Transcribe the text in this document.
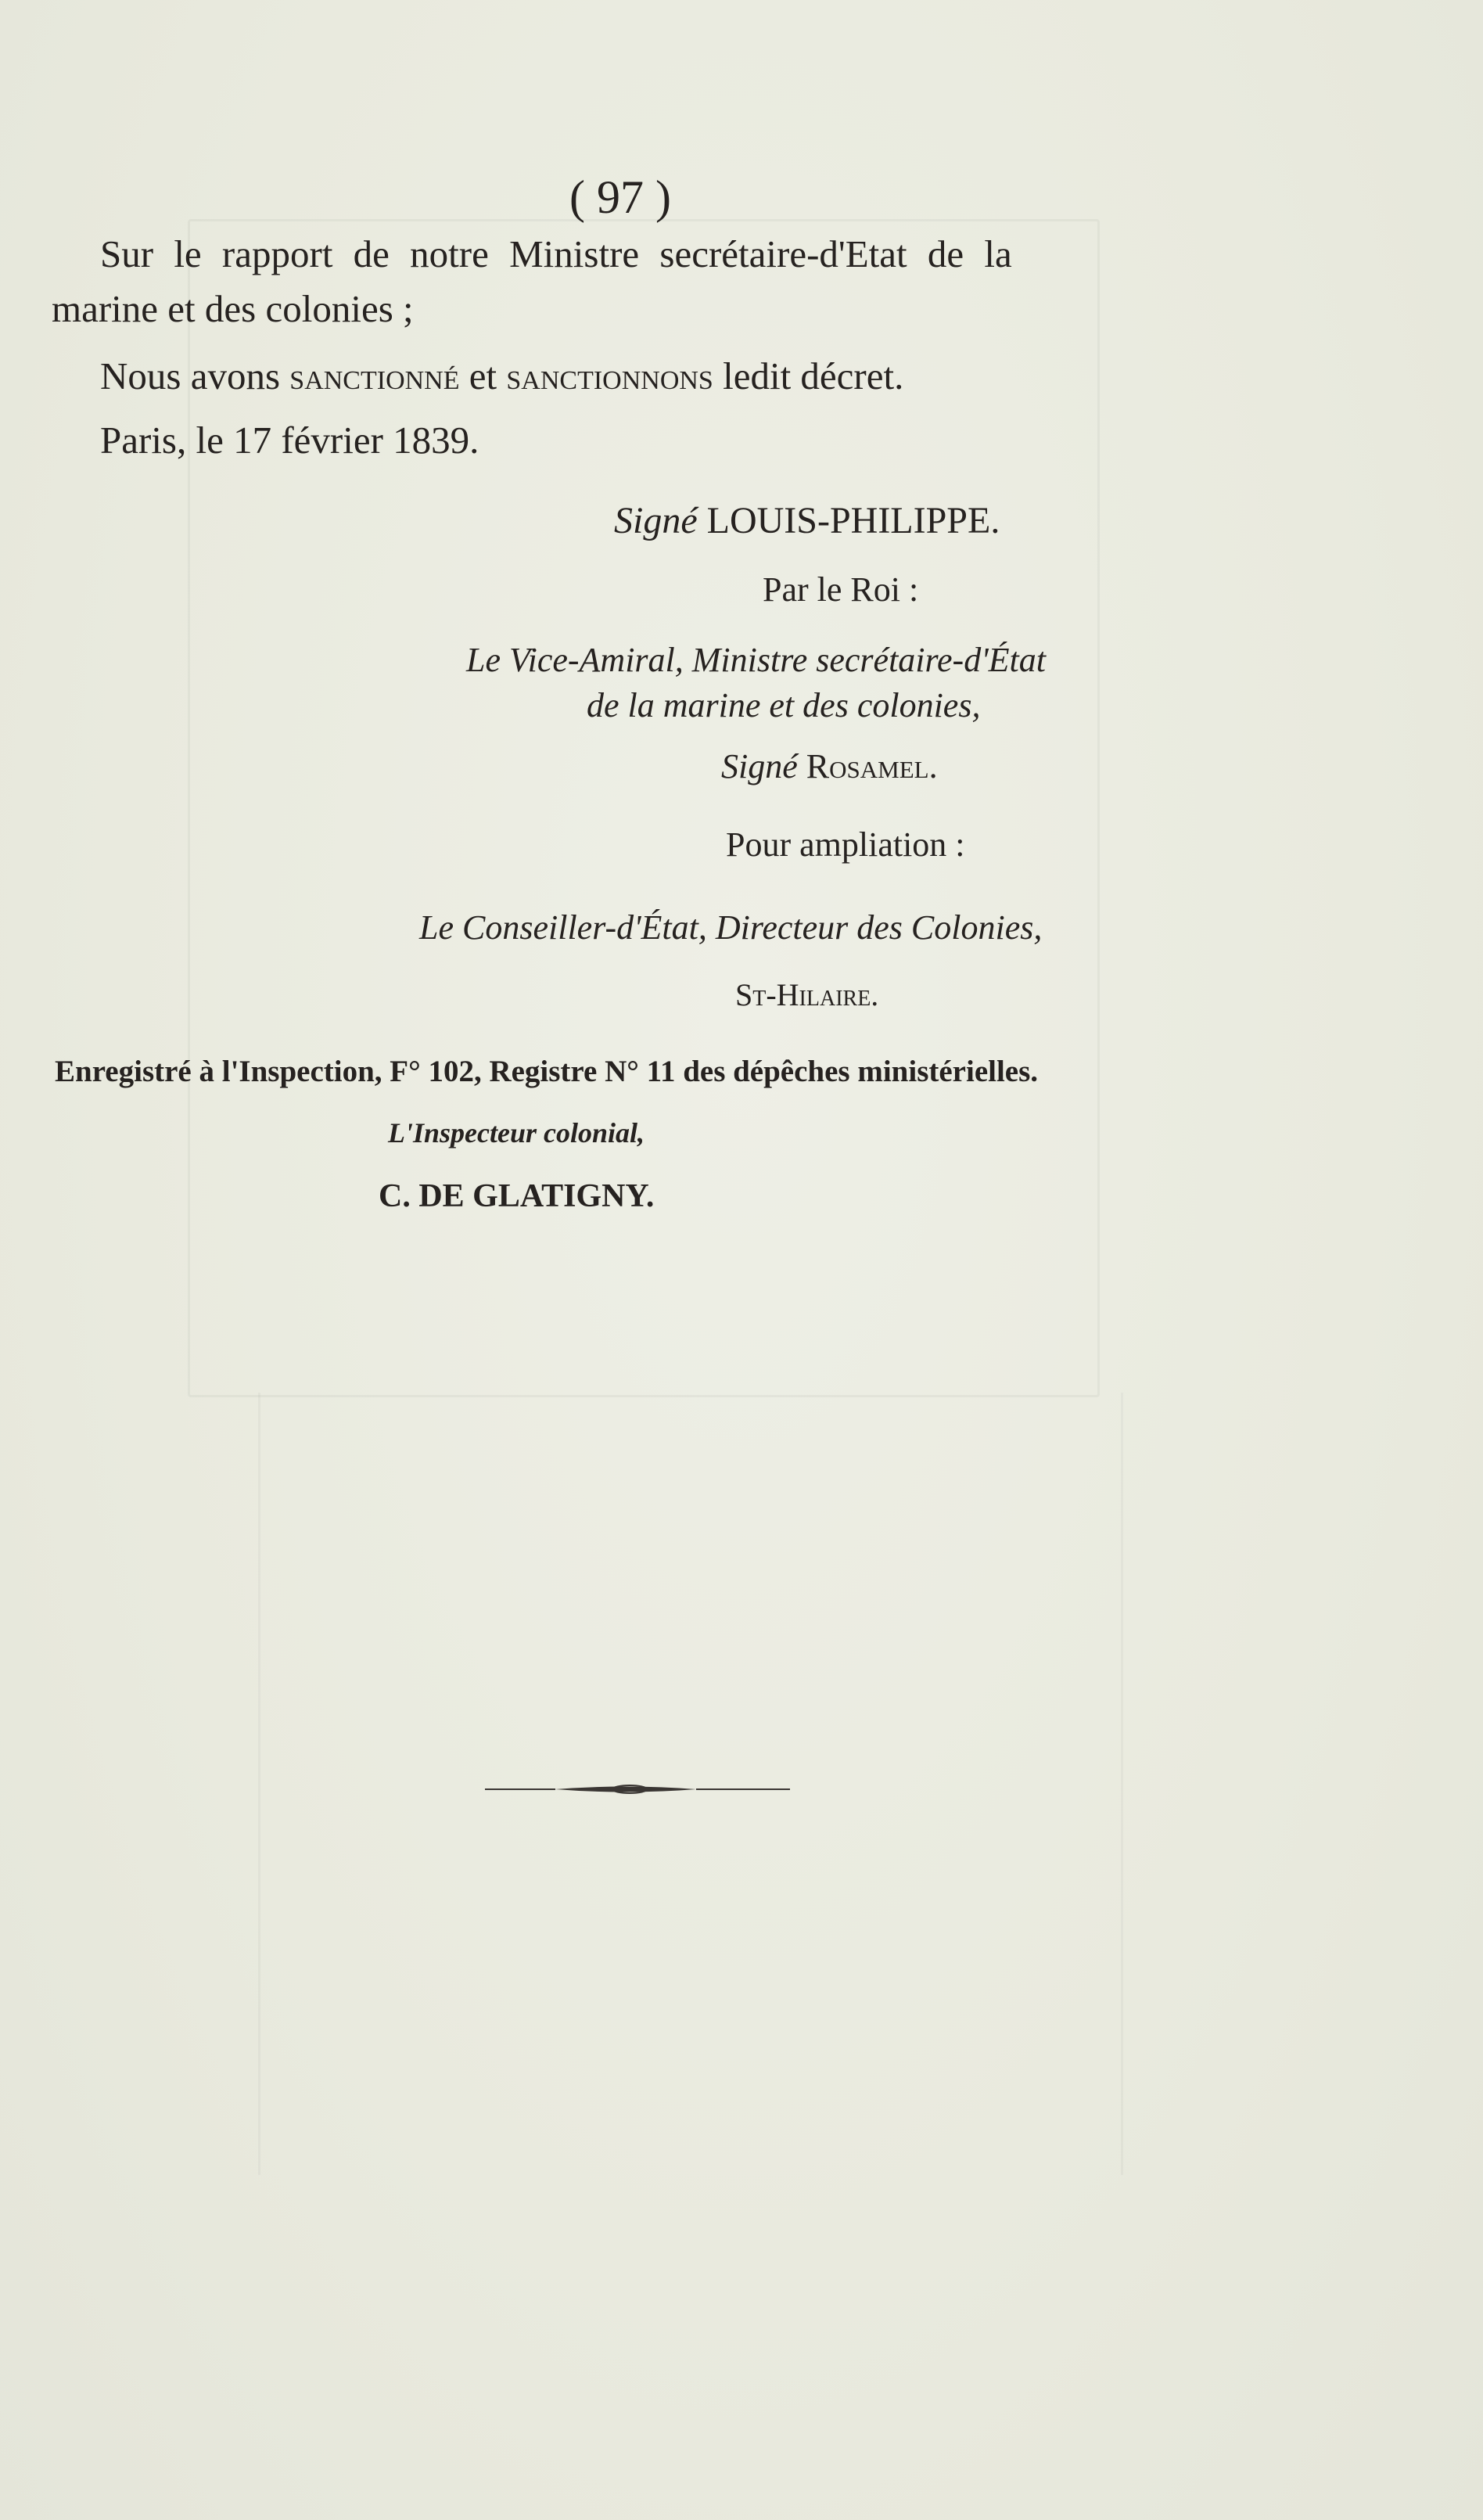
( 97 )
Sur le rapport de notre Ministre secrétaire-d'Etat de la
marine et des colonies ;
Nous avons sanctionné et sanctionnons ledit décret.
Paris, le 17 février 1839.
Signé LOUIS-PHILIPPE.
Par le Roi :
Le Vice-Amiral, Ministre secrétaire-d'État
de la marine et des colonies,
Signé Rosamel.
Pour ampliation :
Le Conseiller-d'État, Directeur des Colonies,
St-Hilaire.
Enregistré à l'Inspection, F° 102, Registre N° 11 des dépêches ministérielles.
L'Inspecteur colonial,
C. DE GLATIGNY.
